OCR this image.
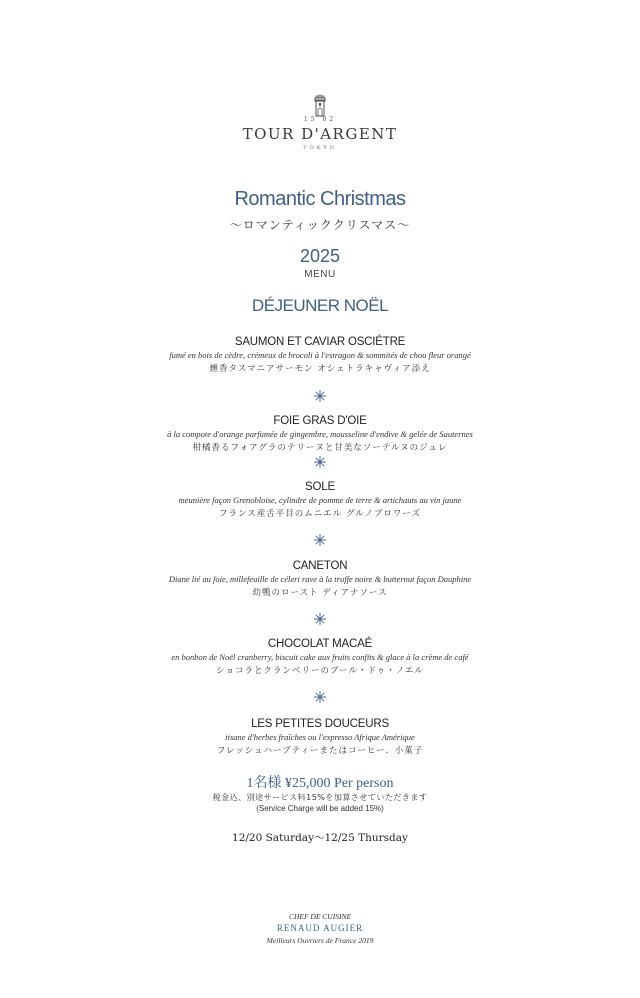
15 82
TOUR D'ARGENT
TOKYO
Romantic Christmas
〜ロマンティッククリスマス〜
2025
MENU
DÉJEUNER NOËL
SAUMON ET CAVIAR OSCIÉTRE
fumé en bois de cèdre, crémeux de brocoli à l'estragon & sommités de chou fleur orangé
燻香タスマニアサーモン オシェトラキャヴィア添え
FOIE GRAS D'OIE
à la compote d'orange parfumée de gingembre, mousseline d'endive & gelée de Sauternes
柑橘香るフォアグラのテリーヌと甘美なソーテルヌのジュレ
SOLE
meunière façon Grenobloise, cylindre de pomme de terre & artichauts au vin jaune
フランス産舌平目のムニエル グルノブロワーズ
CANETON
Diane lié au foie, millefeuille de céleri rave à la truffe noire & butternut façon Dauphine
幼鴨のロースト ディアナソース
CHOCOLAT MACAÉ
en bonbon de Noël cranberry, biscuit cake aux fruits confits & glace à la crème de café
ショコラとクランベリーのブール・ドゥ・ノエル
LES PETITES DOUCEURS
tisane d'herbes fraîches ou l'expresso Afrique Amérique
フレッシュハーブティーまたはコーヒー、小菓子
1名様 ¥25,000 Per person
税金込、別途サービス料15%を加算させていただきます
(Service Charge will be added 15%)
12/20 Saturday～12/25 Thursday
CHEF DE CUISINE
RENAUD AUGIER
Meilleurs Ouvriers de France 2019
